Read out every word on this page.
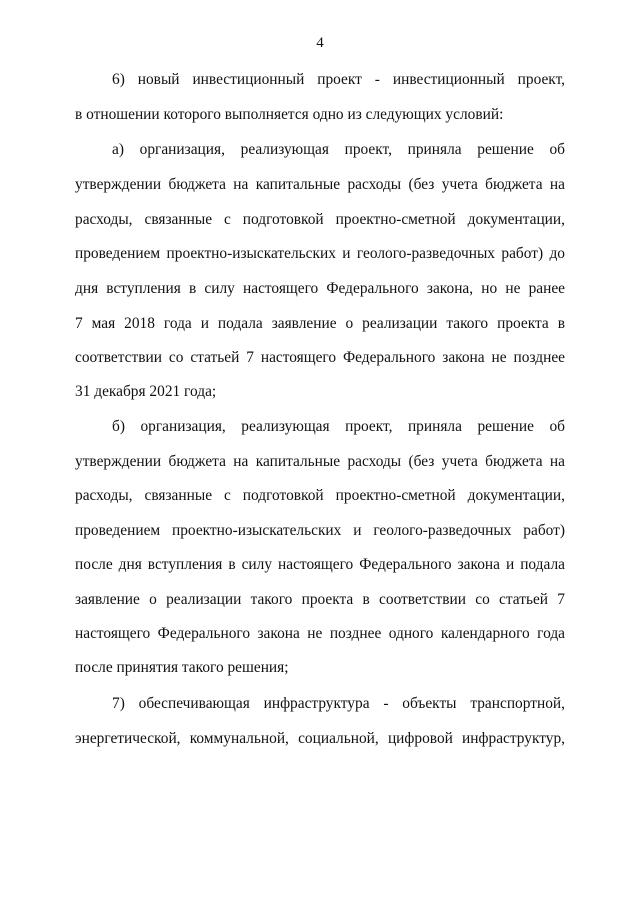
4
6) новый инвестиционный проект - инвестиционный проект,
в отношении которого выполняется одно из следующих условий:
а) организация, реализующая проект, приняла решение об
утверждении бюджета на капитальные расходы (без учета бюджета на
расходы, связанные с подготовкой проектно-сметной документации,
проведением проектно-изыскательских и геолого-разведочных работ) до
дня вступления в силу настоящего Федерального закона, но не ранее
7 мая 2018 года и подала заявление о реализации такого проекта в
соответствии со статьей 7 настоящего Федерального закона не позднее
31 декабря 2021 года;
б) организация, реализующая проект, приняла решение об
утверждении бюджета на капитальные расходы (без учета бюджета на
расходы, связанные с подготовкой проектно-сметной документации,
проведением проектно-изыскательских и геолого-разведочных работ)
после дня вступления в силу настоящего Федерального закона и подала
заявление о реализации такого проекта в соответствии со статьей 7
настоящего Федерального закона не позднее одного календарного года
после принятия такого решения;
7) обеспечивающая инфраструктура - объекты транспортной,
энергетической, коммунальной, социальной, цифровой инфраструктур,
